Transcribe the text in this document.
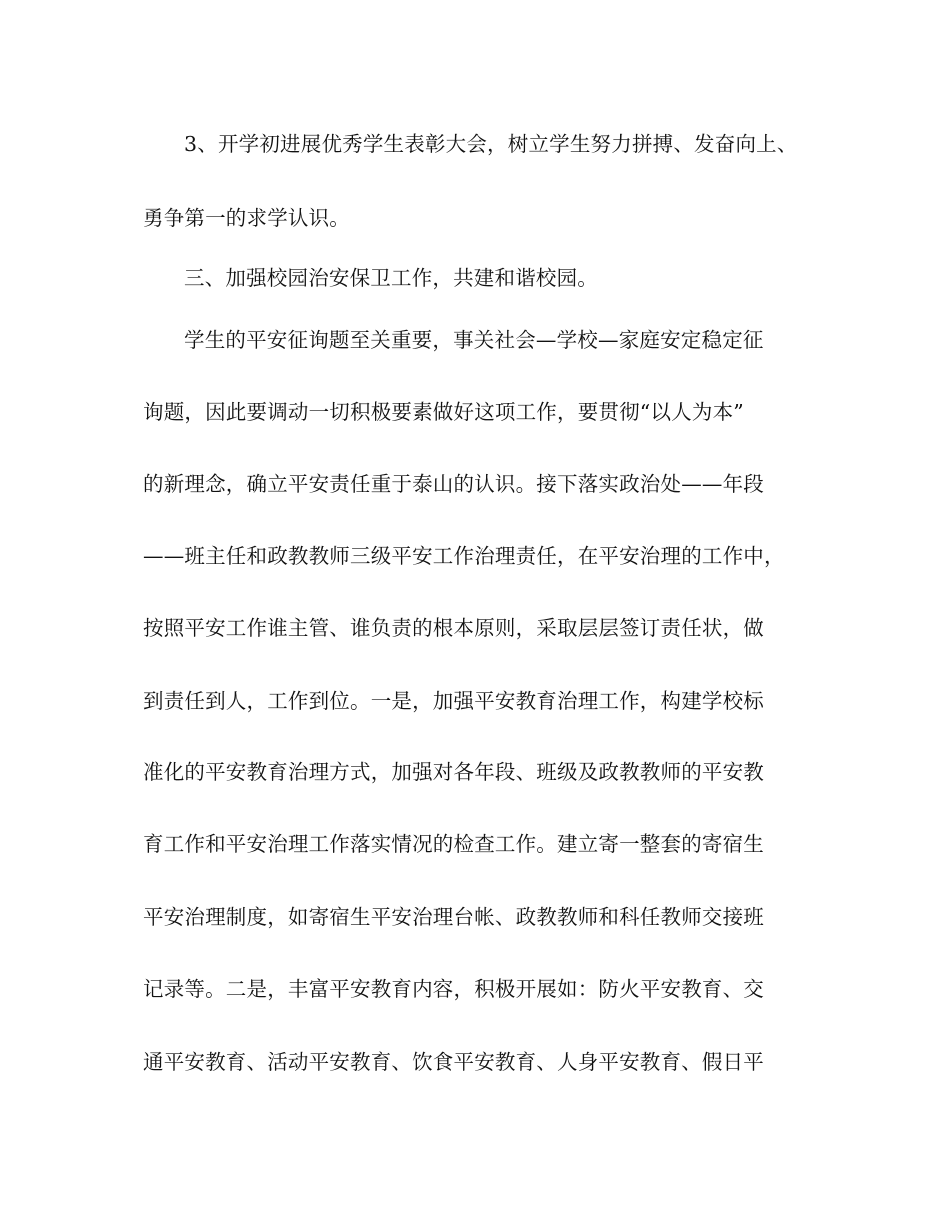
3、开学初进展优秀学生表彰大会，树立学生努力拼搏、发奋向上、

勇争第一的求学认识。

三、加强校园治安保卫工作，共建和谐校园。

学生的平安征询题至关重要，事关社会—学校—家庭安定稳定征

询题，因此要调动一切积极要素做好这项工作，要贯彻“以人为本”

的新理念，确立平安责任重于泰山的认识。接下落实政治处——年段

——班主任和政教教师三级平安工作治理责任，在平安治理的工作中，

按照平安工作谁主管、谁负责的根本原则，采取层层签订责任状，做

到责任到人，工作到位。一是，加强平安教育治理工作，构建学校标

准化的平安教育治理方式，加强对各年段、班级及政教教师的平安教

育工作和平安治理工作落实情况的检查工作。建立寄一整套的寄宿生

平安治理制度，如寄宿生平安治理台帐、政教教师和科任教师交接班

记录等。二是，丰富平安教育内容，积极开展如：防火平安教育、交

通平安教育、活动平安教育、饮食平安教育、人身平安教育、假日平
